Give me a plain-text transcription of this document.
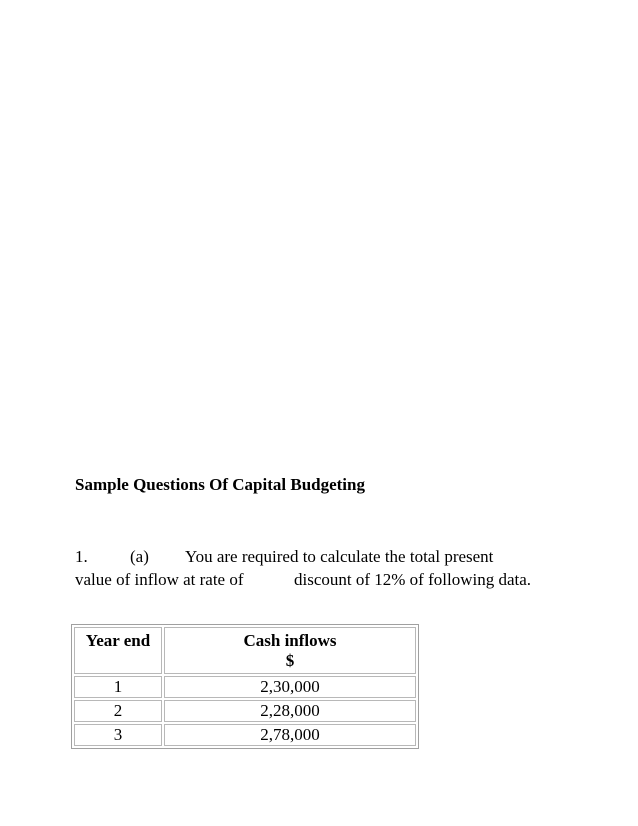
Sample Questions Of Capital Budgeting
1. (a) You are required to calculate the total present
value of inflow at rate of	discount of 12% of following data.
Year end	Cash inflows
$
1	2,30,000
2	2,28,000
3	2,78,000
